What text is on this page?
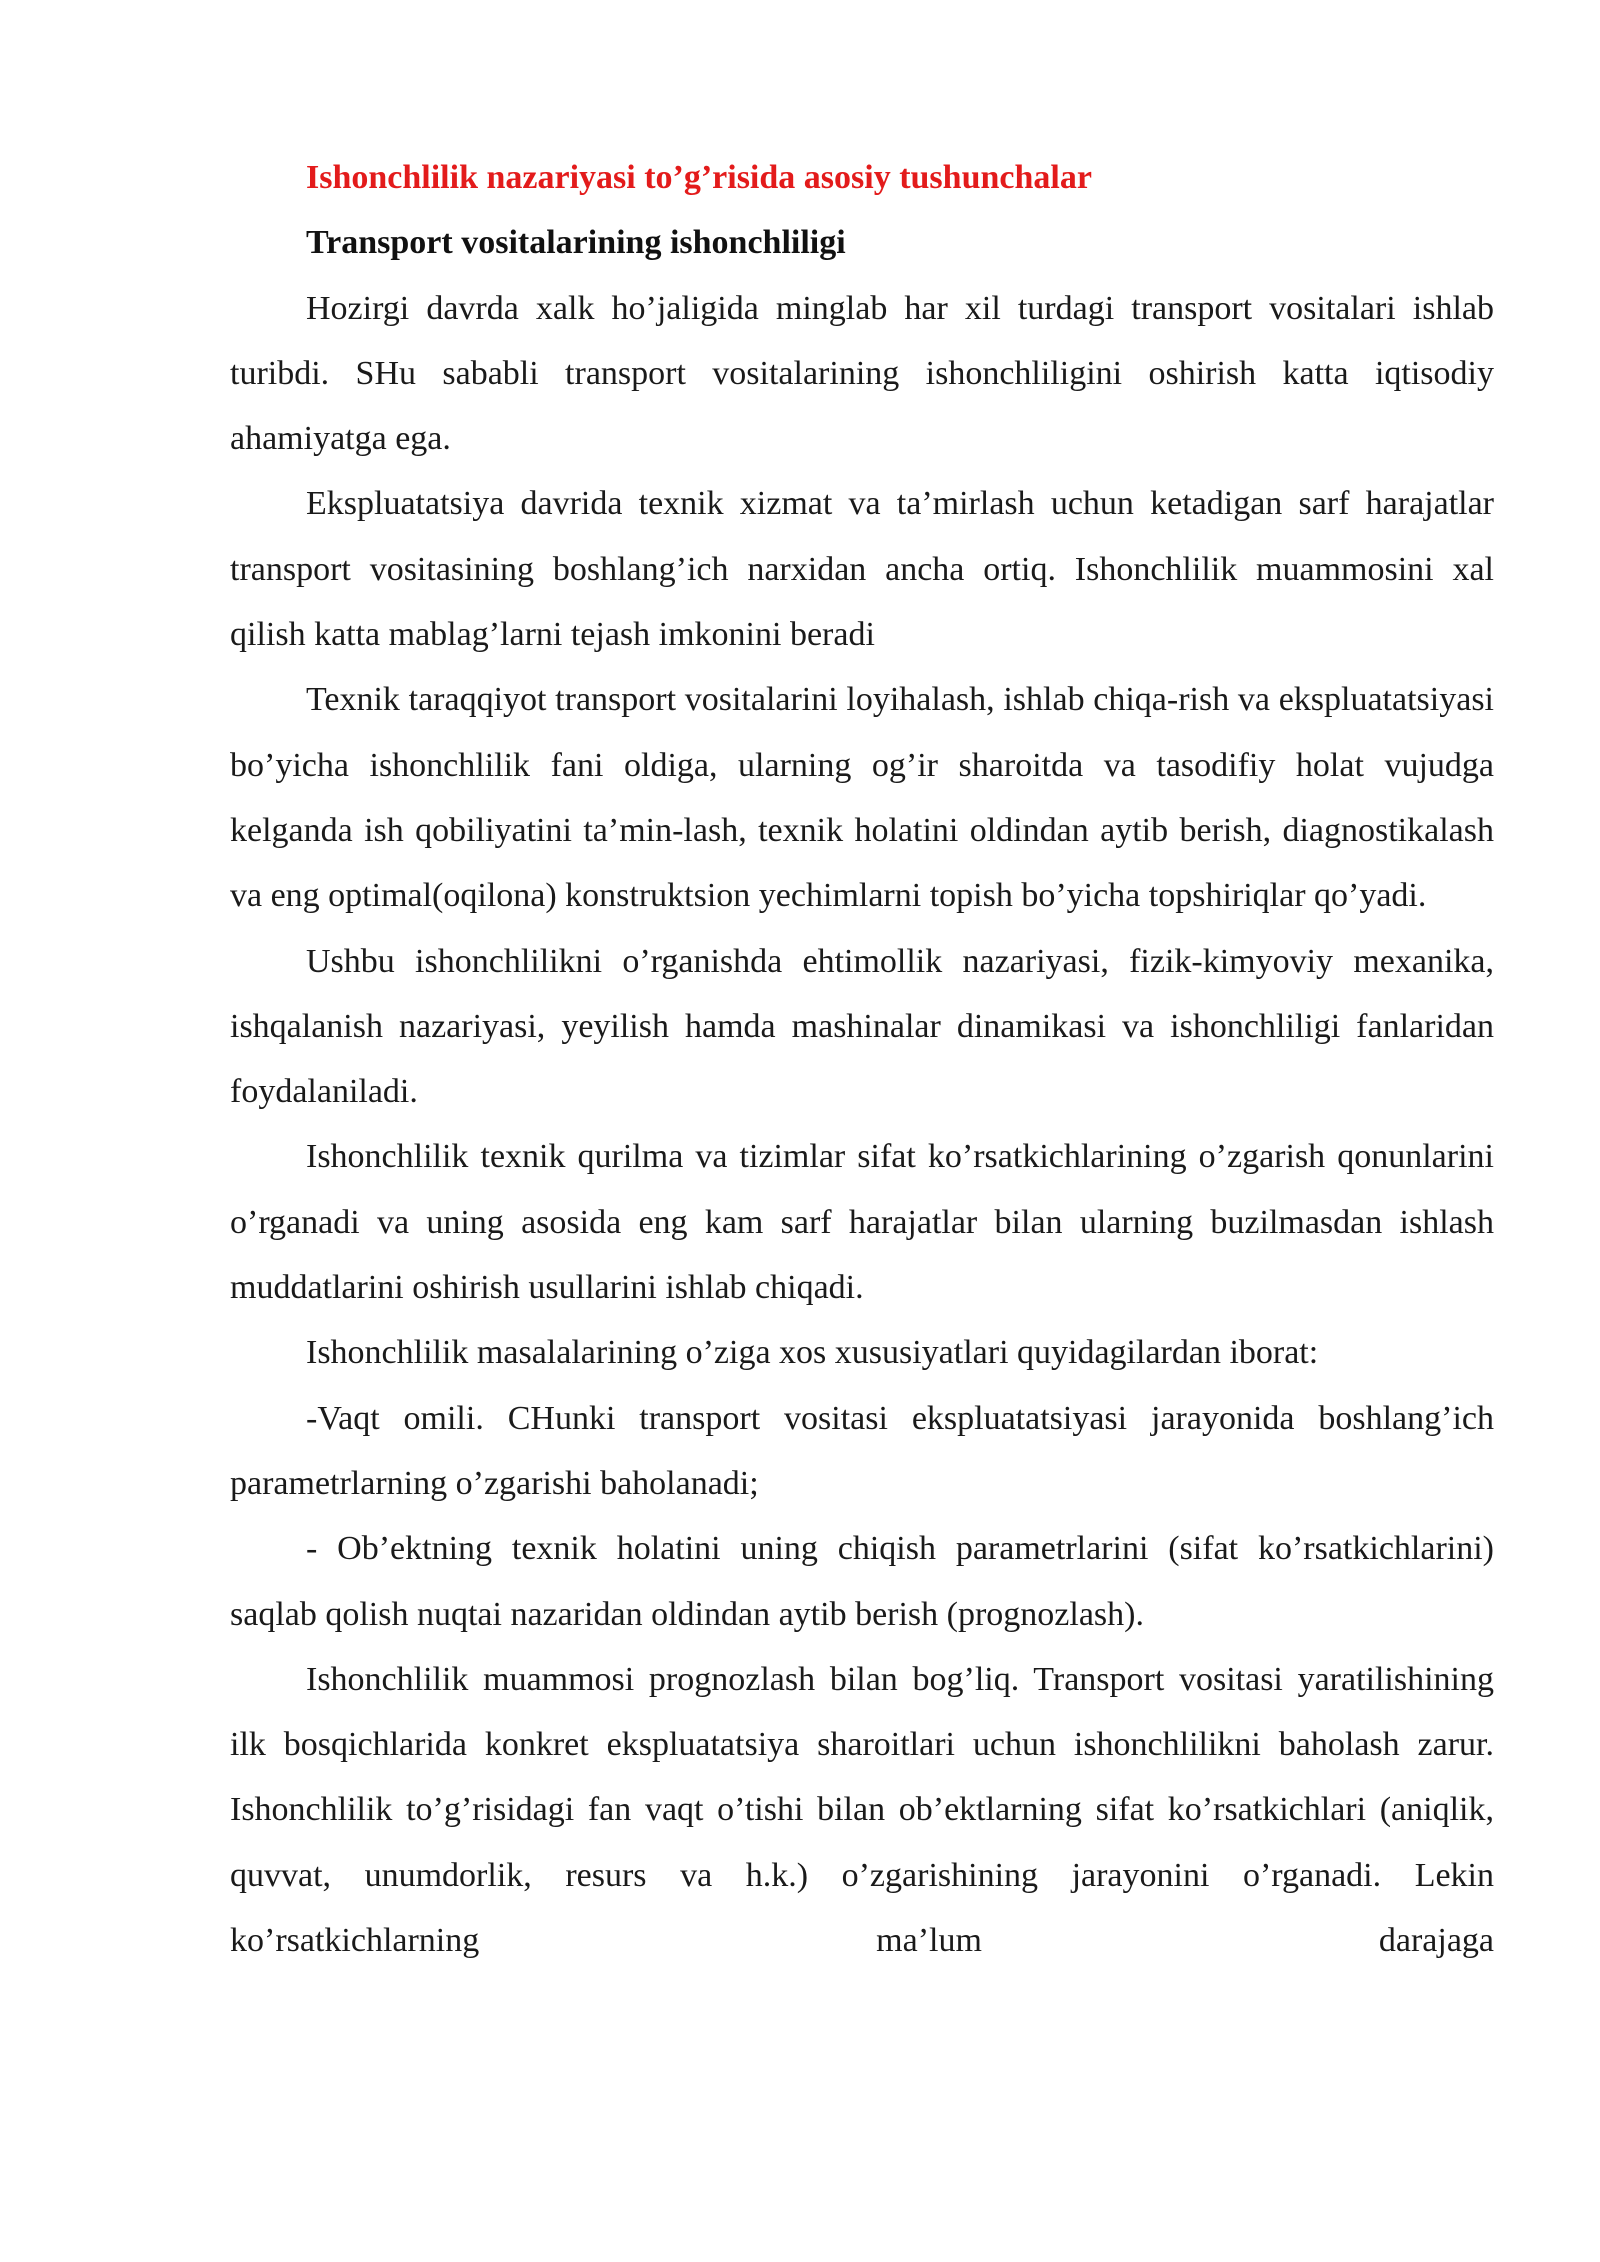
Ishonchlilik nazariyasi to’g’risida asosiy tushunchalar

Transport vositalarining ishonchliligi

Hozirgi davrda xalk ho’jaligida minglab har xil turdagi transport vositalari ishlab turibdi. SHu sababli transport vositalarining ishonchliligini oshirish katta iqtisodiy ahamiyatga ega.

Ekspluatatsiya davrida texnik xizmat va ta’mirlash uchun ketadigan sarf harajatlar transport vositasining boshlang’ich narxidan ancha ortiq. Ishonchlilik muammosini xal qilish katta mablag’larni tejash imkonini beradi

Texnik taraqqiyot transport vositalarini loyihalash, ishlab chiqa-rish va ekspluatatsiyasi bo’yicha ishonchlilik fani oldiga, ularning og’ir sharoitda va tasodifiy holat vujudga kelganda ish qobiliyatini ta’min-lash, texnik holatini oldindan aytib berish, diagnostikalash va eng optimal(oqilona) konstruktsion yechimlarni topish bo’yicha topshiriqlar qo’yadi.

Ushbu ishonchlilikni o’rganishda ehtimollik nazariyasi, fizik-kimyoviy mexanika, ishqalanish nazariyasi, yeyilish hamda mashinalar dinamikasi va ishonchliligi fanlaridan foydalaniladi.

Ishonchlilik texnik qurilma va tizimlar sifat ko’rsatkichlarining o’zgarish qonunlarini o’rganadi va uning asosida eng kam sarf harajatlar bilan ularning buzilmasdan ishlash muddatlarini oshirish usullarini ishlab chiqadi.

Ishonchlilik masalalarining o’ziga xos xususiyatlari quyidagilardan iborat:

-Vaqt omili. CHunki transport vositasi ekspluatatsiyasi jarayonida boshlang’ich parametrlarning o’zgarishi baholanadi;

- Ob’ektning texnik holatini uning chiqish parametrlarini (sifat ko’rsatkichlarini) saqlab qolish nuqtai nazaridan oldindan aytib berish (prognozlash).

Ishonchlilik muammosi prognozlash bilan bog’liq. Transport vositasi yaratilishining ilk bosqichlarida konkret ekspluatatsiya sharoitlari uchun ishonchlilikni baholash zarur. Ishonchlilik to’g’risidagi fan vaqt o’tishi bilan ob’ektlarning sifat ko’rsatkichlari (aniqlik, quvvat, unumdorlik, resurs va h.k.) o’zgarishining jarayonini o’rganadi. Lekin ko’rsatkichlarning ma’lum darajaga
